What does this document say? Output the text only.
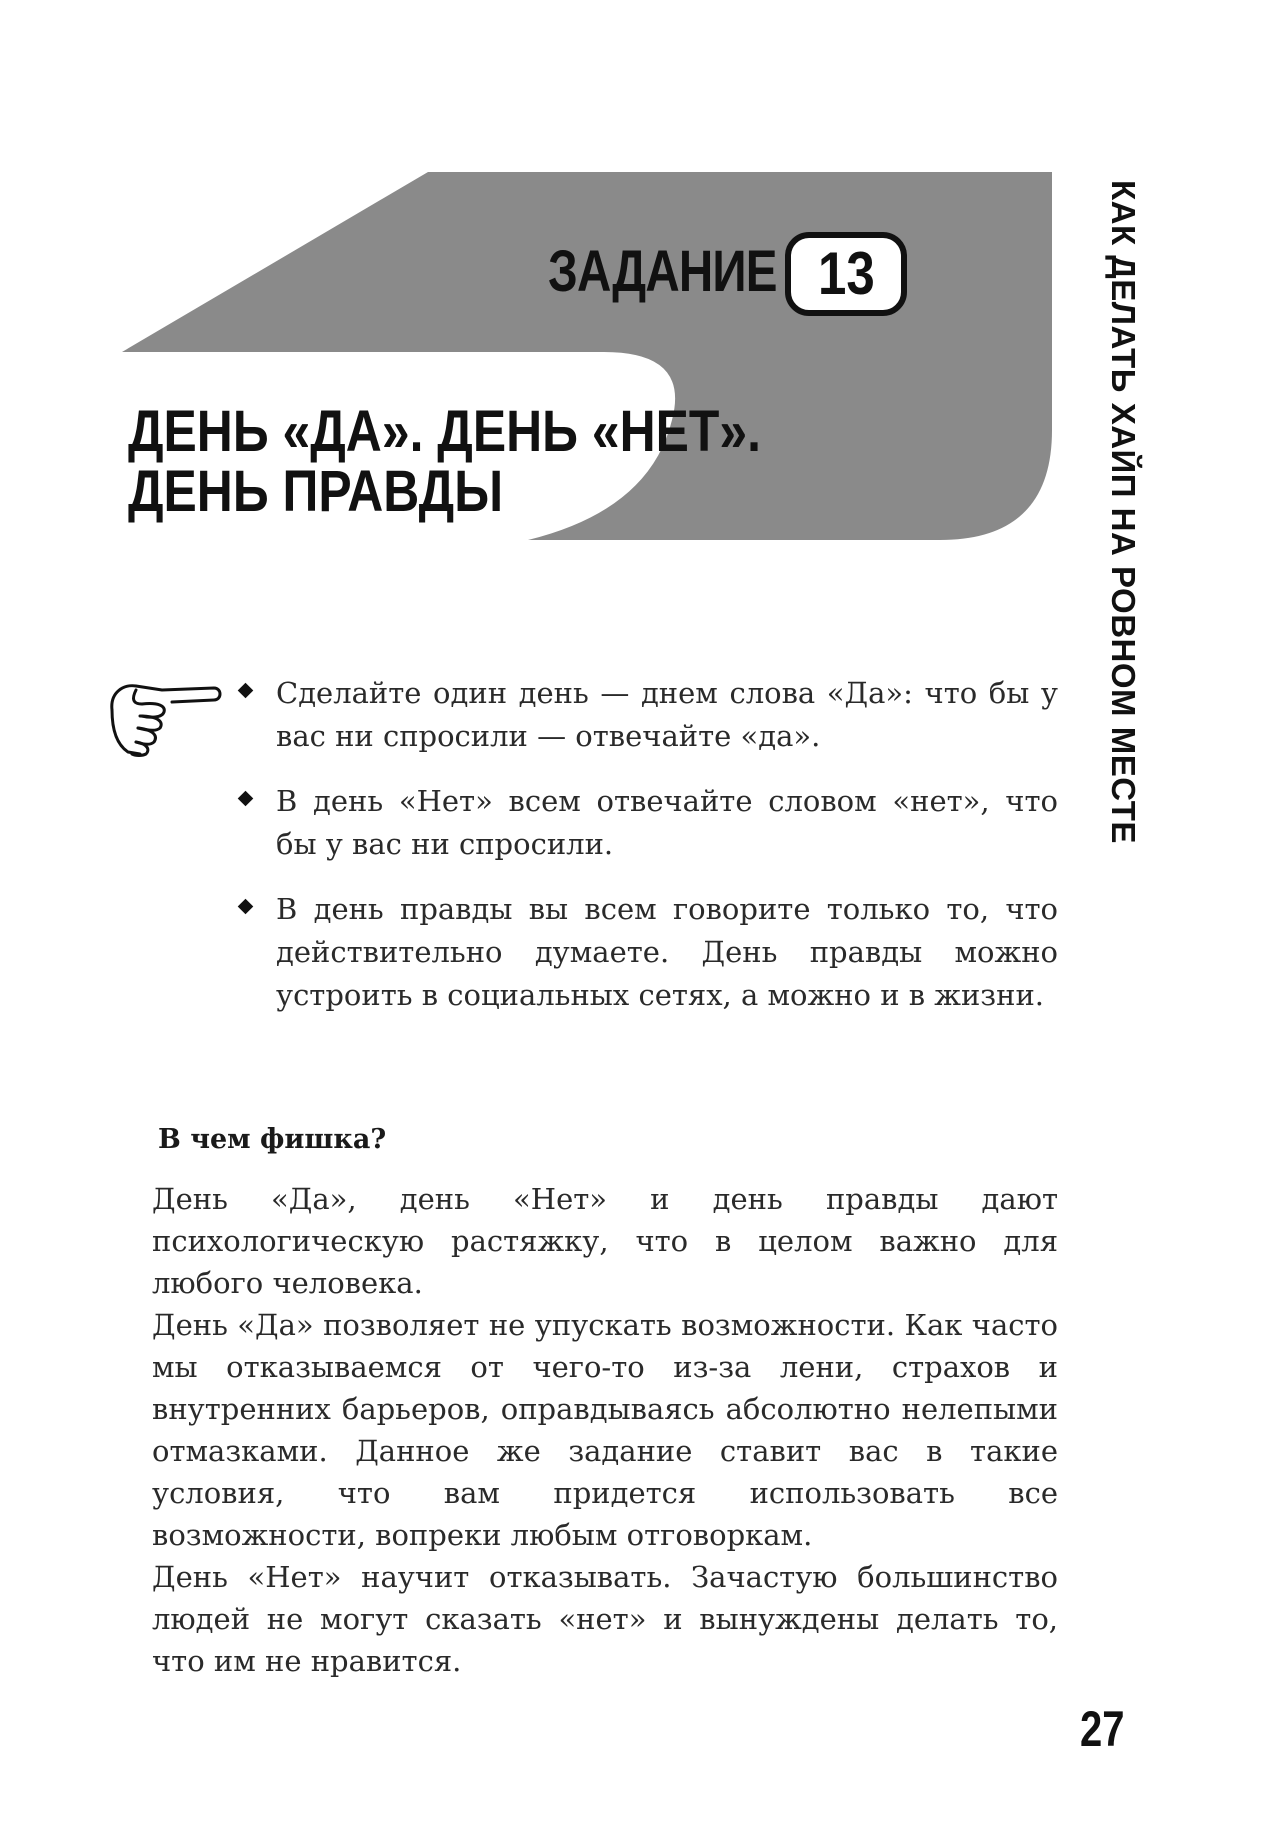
ЗАДАНИЕ 13
ДЕНЬ «ДА». ДЕНЬ «НЕТ».
ДЕНЬ ПРАВДЫ	КАК ДЕЛАТЬ ХАЙП НА РОВНОМ МЕСТЕ
Сделайте один день — днем слова «Да»: что бы у вас ни спросили — отвечайте «да».
В день «Нет» всем отвечайте словом «нет», что бы у вас ни спросили.
В день правды вы всем говорите только то, что действительно думаете. День правды можно устроить в социальных сетях, а можно и в жизни.
В чем фишка?

День «Да», день «Нет» и день правды дают психологическую растяжку, что в целом важно для любого человека.

День «Да» позволяет не упускать возможности. Как часто мы отказываемся от чего-то из-за лени, страхов и внутренних барьеров, оправдываясь абсолютно нелепыми отмазками. Данное же задание ставит вас в такие условия, что вам придется использовать все возможности, вопреки любым отговоркам.

День «Нет» научит отказывать. Зачастую большинство людей не могут сказать «нет» и вынуждены делать то, что им не нравится.

27
